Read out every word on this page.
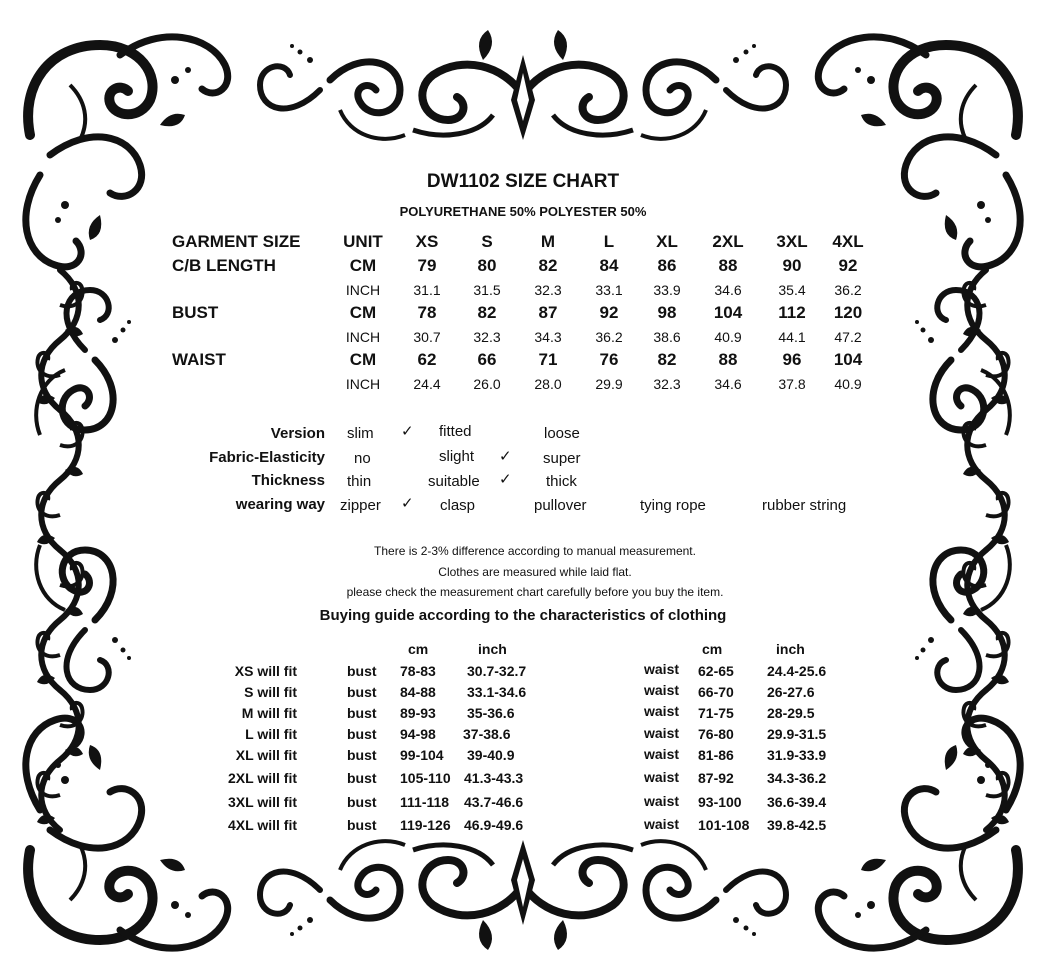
DW1102 SIZE CHART
POLYURETHANE 50% POLYESTER 50%
GARMENT SIZE	UNIT	XS	S	M	L	XL	2XL	3XL	4XL
C/B LENGTH	CM	79	80	82	84	86	88	90	92
INCH	31.1	31.5	32.3	33.1	33.9	34.6	35.4	36.2
BUST	CM	78	82	87	92	98	104	112	120
INCH	30.7	32.3	34.3	36.2	38.6	40.9	44.1	47.2
WAIST	CM	62	66	71	76	82	88	96	104
INCH	24.4	26.0	28.0	29.9	32.3	34.6	37.8	40.9
Version slim ✓ fitted	loose
Fabric-Elasticity no	slight ✓ super
Thickness thin	suitable ✓ thick
wearing way zipper ✓ clasp	pullover	tying rope	rubber string
There is 2-3% difference according to manual measurement.
Clothes are measured while laid flat.
please check the measurement chart carefully before you buy the item.
Buying guide according to the characteristics of clothing
cm	inch	cm	inch
XS will fit	bust 78-83 30.7-32.7	waist 62-65 24.4-25.6
S will fit	bust 84-88 33.1-34.6	waist 66-70 26-27.6
M will fit	bust 89-93 35-36.6	waist 71-75 28-29.5
L will fit	bust 94-98 37-38.6	waist 76-80 29.9-31.5
XL will fit	bust 99-104 39-40.9	waist 81-86 31.9-33.9
2XL will fit	bust 105-110 41.3-43.3	waist 87-92 34.3-36.2
3XL will fit	bust 111-118 43.7-46.6	waist 93-100 36.6-39.4
4XL will fit	bust 119-126 46.9-49.6	waist 101-108 39.8-42.5
